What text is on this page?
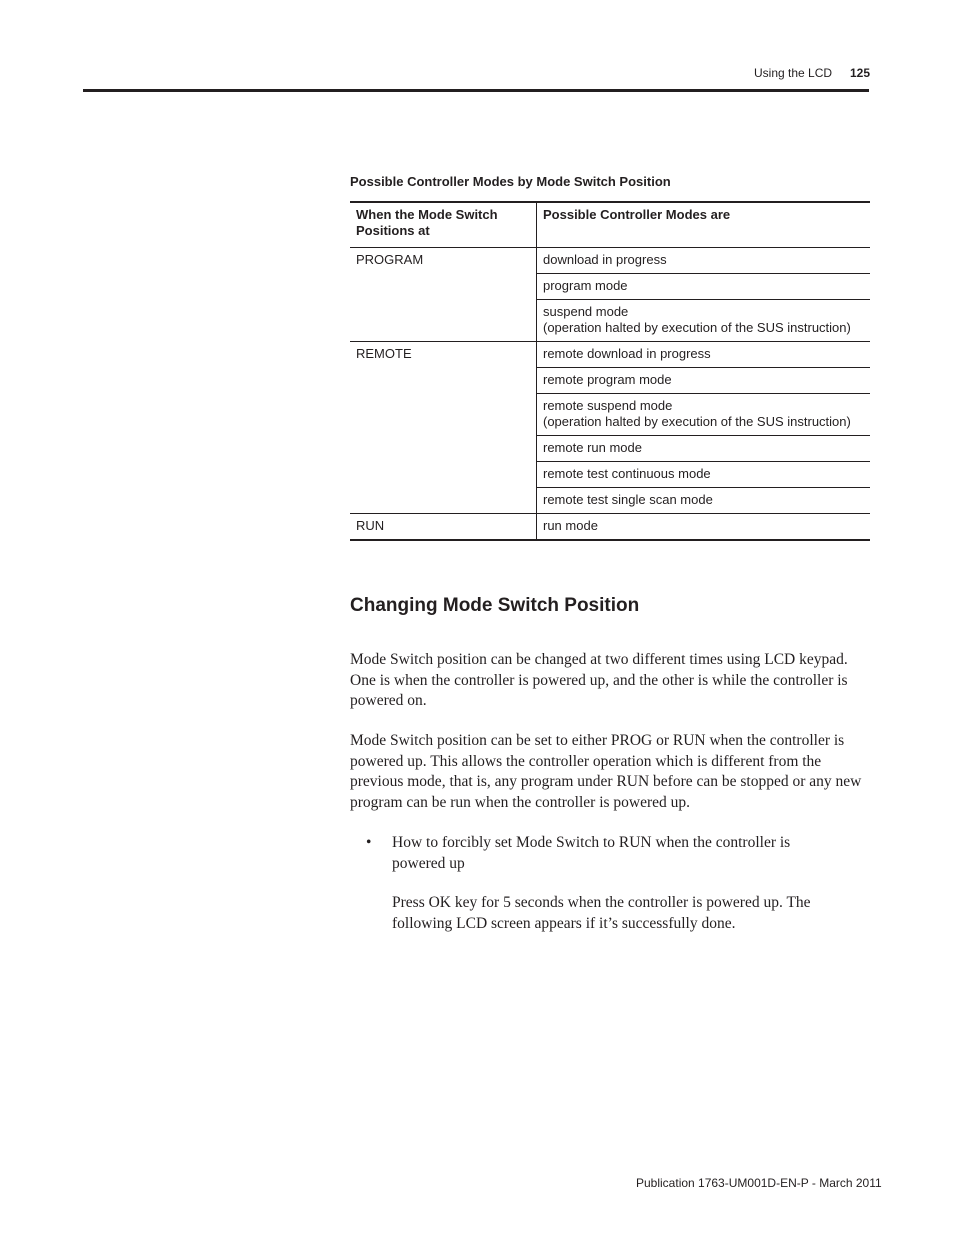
Using the LCD 125
Possible Controller Modes by Mode Switch Position
When the Mode Switch Positions at	Possible Controller Modes are
PROGRAM	download in progress
	program mode

	suspend mode
(operation halted by execution of the SUS instruction)

REMOTE	remote download in progress
	remote program mode

	remote suspend mode
(operation halted by execution of the SUS instruction)

	remote run mode
	remote test continuous mode
	remote test single scan mode
RUN	run mode
Changing Mode Switch Position

Mode Switch position can be changed at two different times using LCD keypad. One is when the controller is powered up, and the other is while the controller is powered on.

Mode Switch position can be set to either PROG or RUN when the controller is powered up. This allows the controller operation which is different from the previous mode, that is, any program under RUN before can be stopped or any new program can be run when the controller is powered up.

• How to forcibly set Mode Switch to RUN when the controller is powered up

Press OK key for 5 seconds when the controller is powered up. The following LCD screen appears if it’s successfully done.

Publication 1763-UM001D-EN-P - March 2011
